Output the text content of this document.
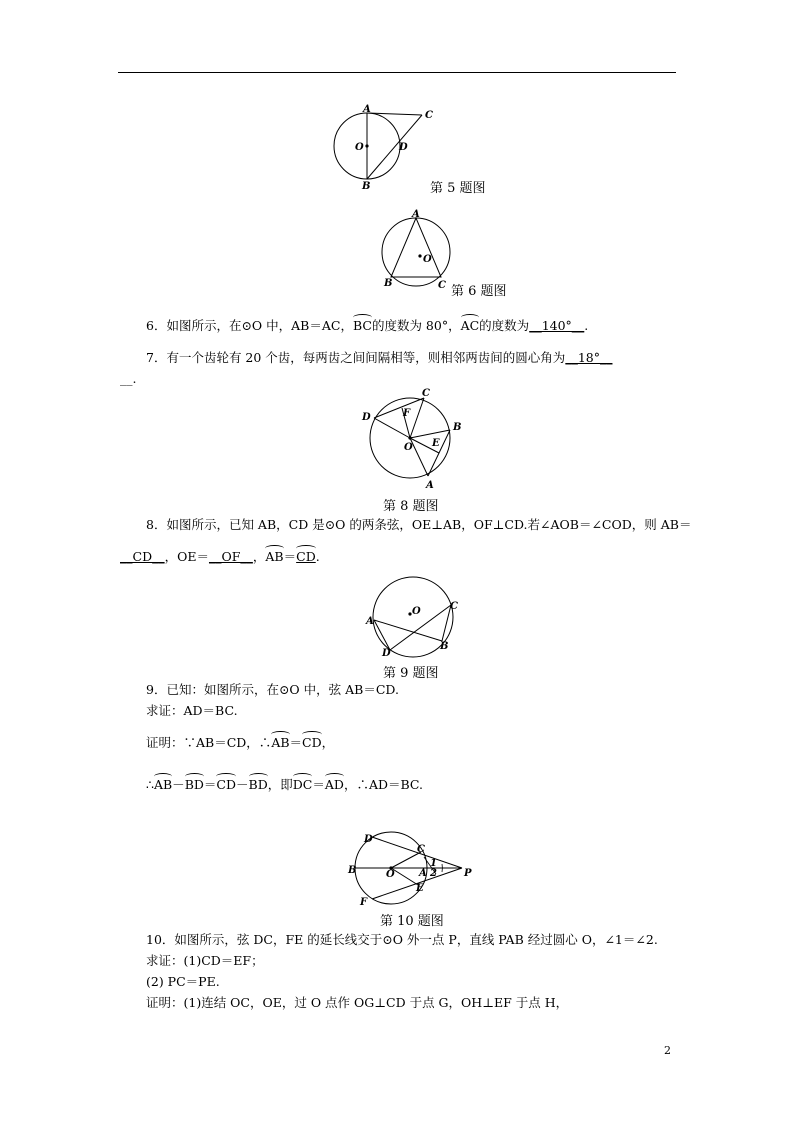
A
C
O	D
B	第 5 题图
A
O
B	C 第 6 题图
6．如图所示，在⊙O 中，AB＝AC，BC的度数为 80°，AC的度数为__140°__.
7．有一个齿轮有 20 个齿，每两齿之间间隔相等，则相邻两齿间的圆心角为__18°__
__.
C
D	F
B
E
O
A
第 8 题图
8．如图所示，已知 AB，CD 是⊙O 的两条弦，OE⊥AB，OF⊥CD.若∠AOB＝∠COD，则 AB＝
__CD__，OE＝__OF__，AB＝CD.
O	C
A
B
D
第 9 题图
9．已知：如图所示，在⊙O 中，弦 AB＝CD.
求证：AD＝BC.
证明：∵AB＝CD，∴AB＝CD，
∴AB－BD＝CD－BD，即DC＝AD，∴AD＝BC.
D
C
B	O A
1
2
E
P
F
第 10 题图
10．如图所示，弦 DC，FE 的延长线交于⊙O 外一点 P，直线 PAB 经过圆心 O，∠1＝∠2.
求证：(1)CD＝EF；
(2) PC＝PE.
证明：(1)连结 OC，OE，过 O 点作 OG⊥CD 于点 G，OH⊥EF 于点 H，
2
